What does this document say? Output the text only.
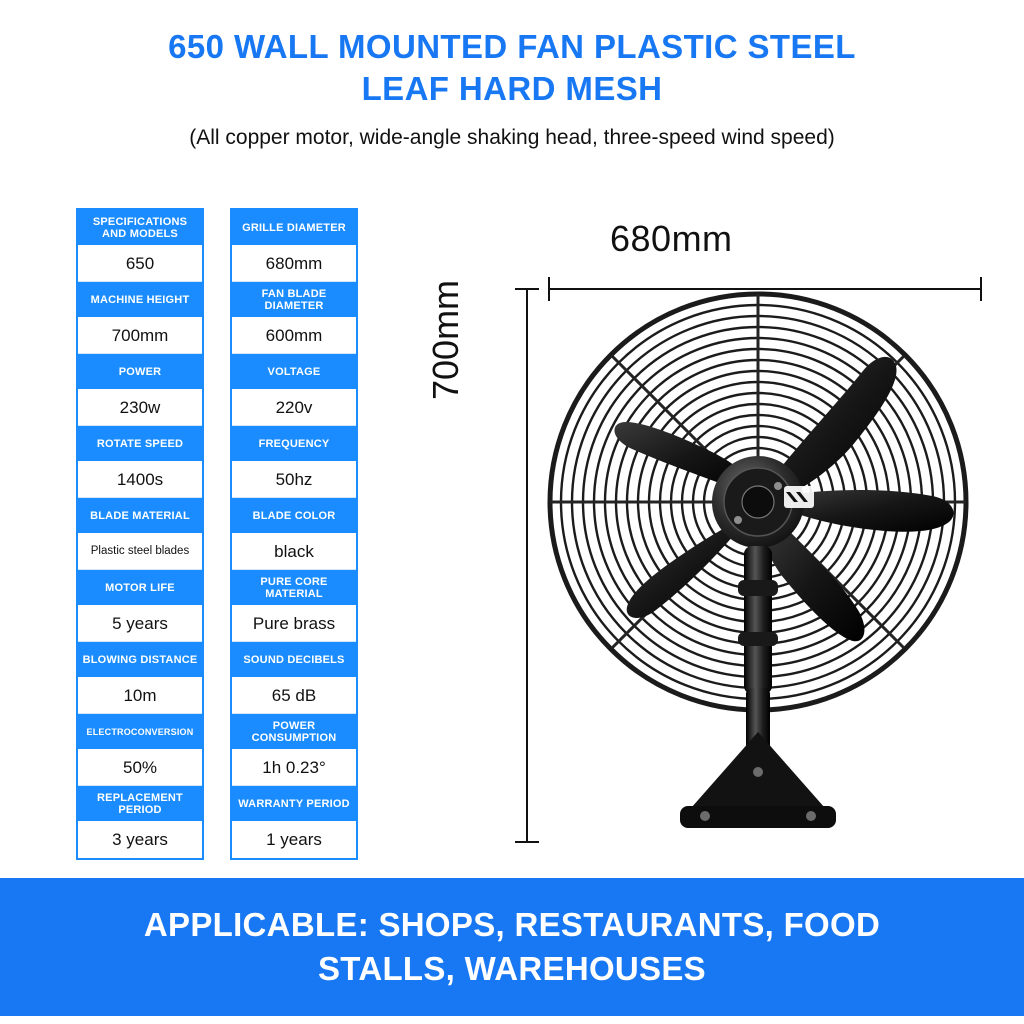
650 WALL MOUNTED FAN PLASTIC STEEL LEAF HARD MESH
(All copper motor, wide-angle shaking head, three-speed wind speed)
SPECIFICATIONS AND MODELS
650
MACHINE HEIGHT
700mm
POWER
230w
ROTATE SPEED
1400s
BLADE MATERIAL
Plastic steel blades
MOTOR LIFE
5 years
BLOWING DISTANCE
10m
ELECTROCONVERSION
50%
REPLACEMENT PERIOD
3 years
GRILLE DIAMETER
680mm
FAN BLADE DIAMETER
600mm
VOLTAGE
220v
FREQUENCY
50hz
BLADE COLOR
black
PURE CORE MATERIAL
Pure brass
SOUND DECIBELS
65 dB
POWER CONSUMPTION
1h 0.23°
WARRANTY PERIOD
1 years
680mm
700mm
APPLICABLE: SHOPS, RESTAURANTS, FOOD STALLS, WAREHOUSES
